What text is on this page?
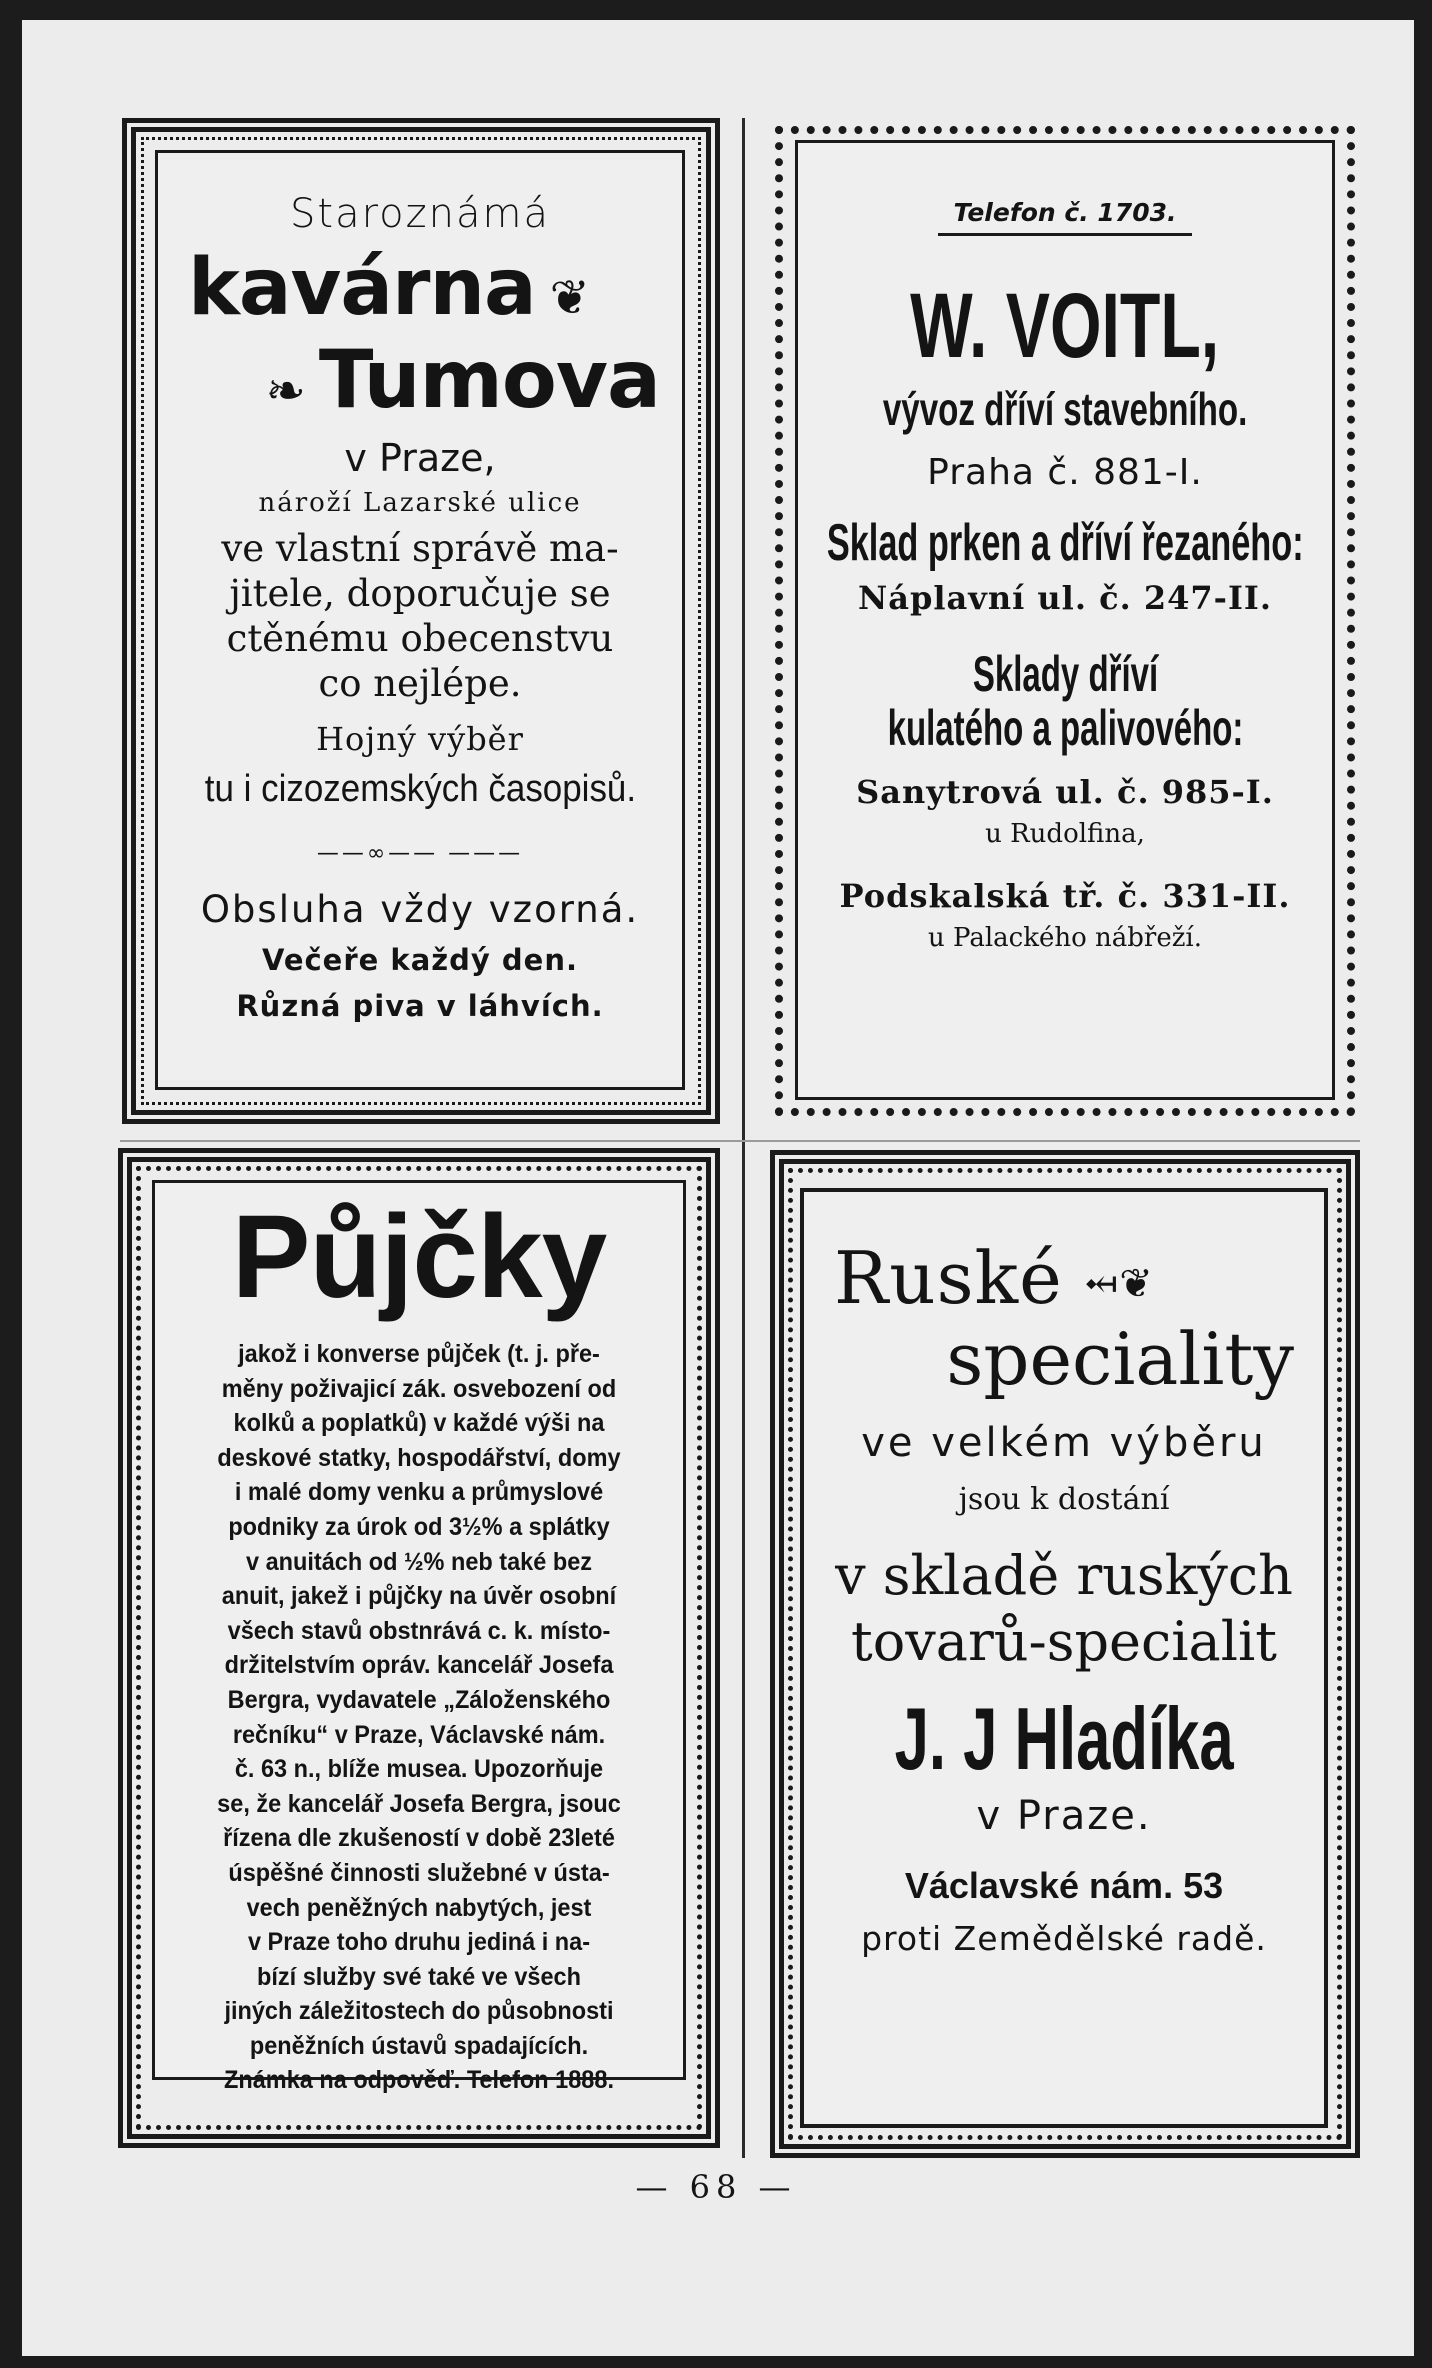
Staroznámá
kavárna ❦
❧ Tumova
v Praze,
nároží Lazarské ulice
ve vlastní správě ma-
jitele, doporučuje se
ctěnému obecenstvu
co nejlépe.
Hojný výběr
tu i cizozemských časopisů.
——∞—— ———
Obsluha vždy vzorná.
Večeře každý den.
Různá piva v láhvích.
Telefon č. 1703.
W. VOITL,
vývoz dříví stavebního.
Praha č. 881-I.
Sklad prken a dříví řezaného:
Náplavní ul. č. 247-II.
Sklady dříví
kulatého a palivového:
Sanytrová ul. č. 985-I.
u Rudolfina,
Podskalská tř. č. 331-II.
u Palackého nábřeží.
Půjčky
jakož i konverse půjček (t. j. pře-
měny poživajicí zák. osvebození od
kolků a poplatků) v každé výši na
deskové statky, hospodářství, domy
i malé domy venku a průmyslové
podniky za úrok od 3½% a splátky
v anuitách od ½% neb také bez
anuit, jakež i půjčky na úvěr osobní
všech stavů obstnrává c. k. místo-
držitelstvím opráv. kancelář Josefa
Bergra, vydavatele „Záloženského
rečníku“ v Praze, Václavské nám.
č. 63 n., blíže musea. Upozorňuje
se, že kancelář Josefa Bergra, jsouc
řízena dle zkušeností v době 23leté
úspěšné činnosti služebné v ústa-
vech peněžných nabytých, jest
v Praze toho druhu jediná i na-
bízí služby své také ve všech
jiných záležitostech do působnosti
peněžních ústavů spadajících.
Známka na odpověď. Telefon 1888.
Ruské ⤟❦
speciality
ve velkém výběru
jsou k dostání
v skladě ruských
tovarů-specialit
J. J Hladíka
v Praze.
Václavské nám. 53
proti Zemědělské radě.
— 68 —
